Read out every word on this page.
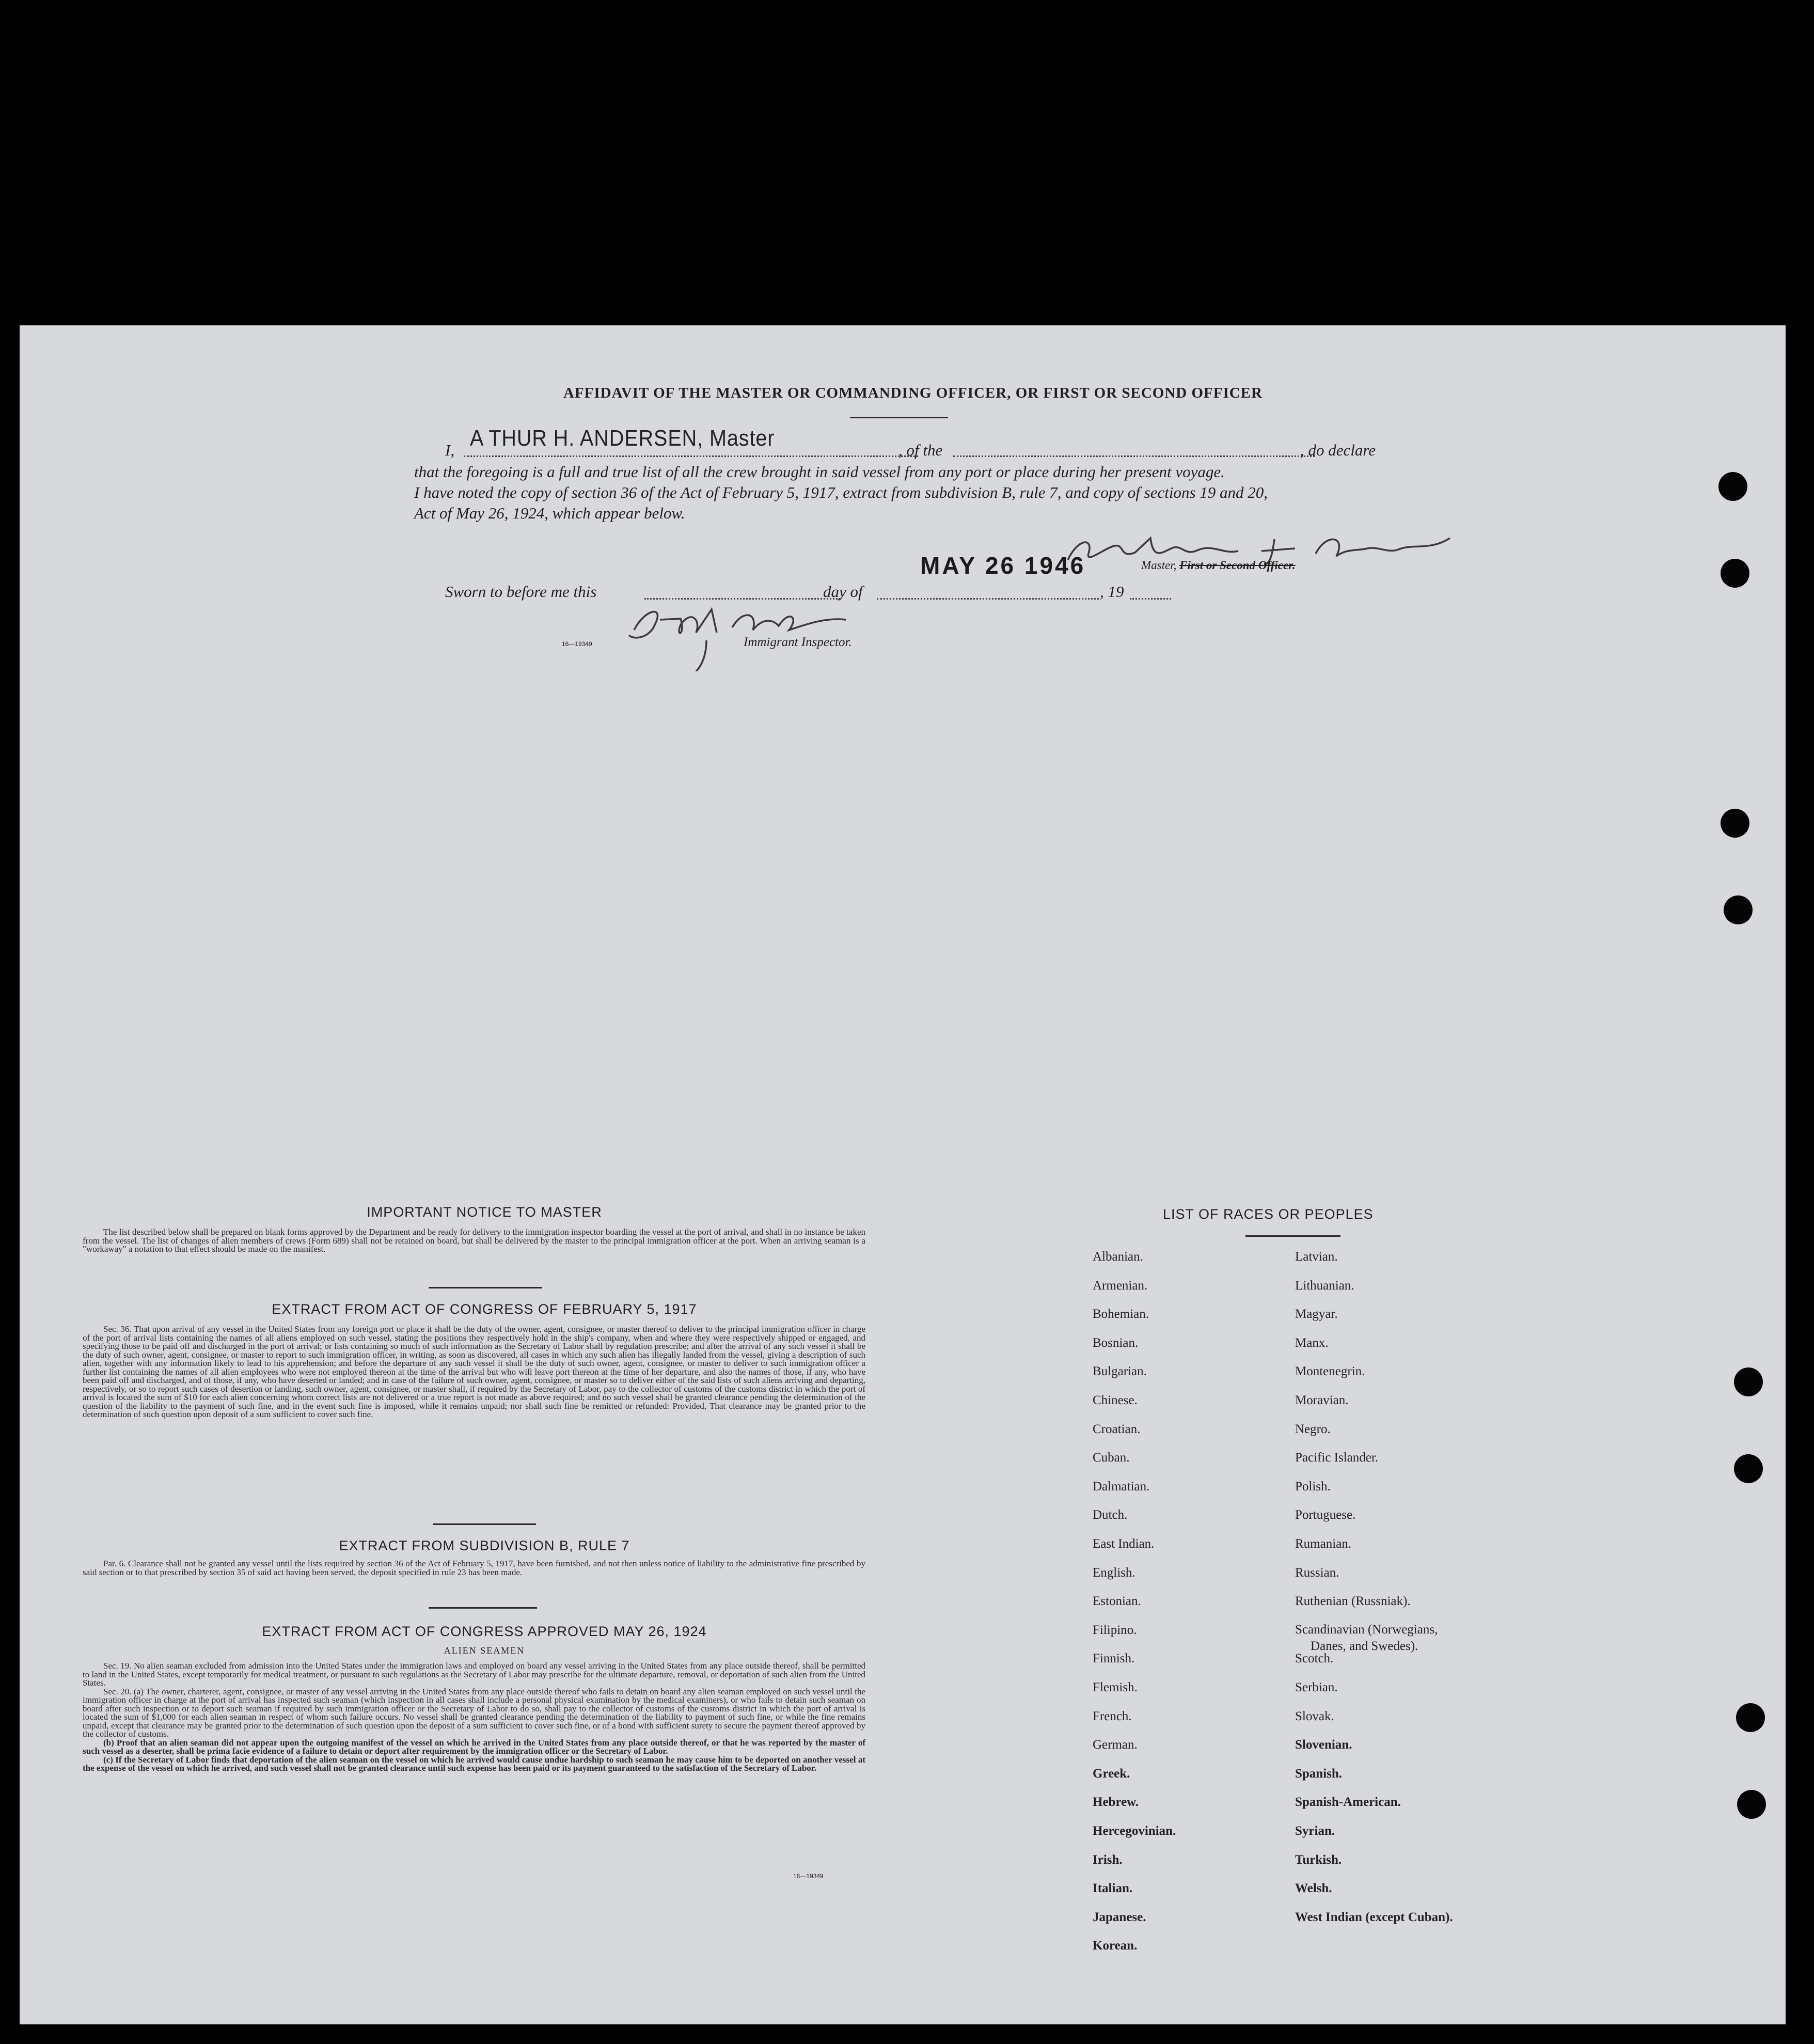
AFFIDAVIT OF THE MASTER OR COMMANDING OFFICER, OR FIRST OR SECOND OFFICER
I, A THUR H. ANDERSEN, Master	, of the	, do declare
that the foregoing is a full and true list of all the crew brought in said vessel from any port or place during her present voyage.
I have noted the copy of section 36 of the Act of February 5, 1917, extract from subdivision B, rule 7, and copy of sections 19 and 20,
Act of May 26, 1924, which appear below.
MAY 26 1946	Master, First or Second Officer.
Sworn to before me this	day of	, 19
16—19349	Immigrant Inspector.
IMPORTANT NOTICE TO MASTER

The list described below shall be prepared on blank forms approved by the Department and be ready for delivery to the immigration inspector boarding the vessel at the port of arrival, and shall in no instance be taken from the vessel. The list of changes of alien members of crews (Form 689) shall not be retained on board, but shall be delivered by the master to the principal immigration officer at the port. When an arriving seaman is a "workaway" a notation to that effect should be made on the manifest.

EXTRACT FROM ACT OF CONGRESS OF FEBRUARY 5, 1917

Sec. 36. That upon arrival of any vessel in the United States from any foreign port or place it shall be the duty of the owner, agent, consignee, or master thereof to deliver to the principal immigration officer in charge of the port of arrival lists containing the names of all aliens employed on such vessel, stating the positions they respectively hold in the ship's company, when and where they were respectively shipped or engaged, and specifying those to be paid off and discharged in the port of arrival; or lists containing so much of such information as the Secretary of Labor shall by regulation prescribe; and after the arrival of any such vessel it shall be the duty of such owner, agent, consignee, or master to report to such immigration officer, in writing, as soon as discovered, all cases in which any such alien has illegally landed from the vessel, giving a description of such alien, together with any information likely to lead to his apprehension; and before the departure of any such vessel it shall be the duty of such owner, agent, consignee, or master to deliver to such immigration officer a further list containing the names of all alien employees who were not employed thereon at the time of the arrival but who will leave port thereon at the time of her departure, and also the names of those, if any, who have been paid off and discharged, and of those, if any, who have deserted or landed; and in case of the failure of such owner, agent, consignee, or master so to deliver either of the said lists of such aliens arriving and departing, respectively, or so to report such cases of desertion or landing, such owner, agent, consignee, or master shall, if required by the Secretary of Labor, pay to the collector of customs of the customs district in which the port of arrival is located the sum of $10 for each alien concerning whom correct lists are not delivered or a true report is not made as above required; and no such vessel shall be granted clearance pending the determination of the question of the liability to the payment of such fine, and in the event such fine is imposed, while it remains unpaid; nor shall such fine be remitted or refunded: Provided, That clearance may be granted prior to the determination of such question upon deposit of a sum sufficient to cover such fine.

EXTRACT FROM SUBDIVISION B, RULE 7

Par. 6. Clearance shall not be granted any vessel until the lists required by section 36 of the Act of February 5, 1917, have been furnished, and not then unless notice of liability to the administrative fine prescribed by said section or to that prescribed by section 35 of said act having been served, the deposit specified in rule 23 has been made.

EXTRACT FROM ACT OF CONGRESS APPROVED MAY 26, 1924
ALIEN SEAMEN

Sec. 19. No alien seaman excluded from admission into the United States under the immigration laws and employed on board any vessel arriving in the United States from any place outside thereof, shall be permitted to land in the United States, except temporarily for medical treatment, or pursuant to such regulations as the Secretary of Labor may prescribe for the ultimate departure, removal, or deportation of such alien from the United States.

Sec. 20. (a) The owner, charterer, agent, consignee, or master of any vessel arriving in the United States from any place outside thereof who fails to detain on board any alien seaman employed on such vessel until the immigration officer in charge at the port of arrival has inspected such seaman (which inspection in all cases shall include a personal physical examination by the medical examiners), or who fails to detain such seaman on board after such inspection or to deport such seaman if required by such immigration officer or the Secretary of Labor to do so, shall pay to the collector of customs of the customs district in which the port of arrival is located the sum of $1,000 for each alien seaman in respect of whom such failure occurs. No vessel shall be granted clearance pending the determination of the liability to payment of such fine, or while the fine remains unpaid, except that clearance may be granted prior to the determination of such question upon the deposit of a sum sufficient to cover such fine, or of a bond with sufficient surety to secure the payment thereof approved by the collector of customs.

(b) Proof that an alien seaman did not appear upon the outgoing manifest of the vessel on which he arrived in the United States from any place outside thereof, or that he was reported by the master of such vessel as a deserter, shall be prima facie evidence of a failure to detain or deport after requirement by the immigration officer or the Secretary of Labor.

(c) If the Secretary of Labor finds that deportation of the alien seaman on the vessel on which he arrived would cause undue hardship to such seaman he may cause him to be deported on another vessel at the expense of the vessel on which he arrived, and such vessel shall not be granted clearance until such expense has been paid or its payment guaranteed to the satisfaction of the Secretary of Labor.

16—19349
LIST OF RACES OR PEOPLES
Albanian.
Armenian.
Bohemian.
Bosnian.
Bulgarian.
Chinese.
Croatian.
Cuban.
Dalmatian.
Dutch.
East Indian.
English.
Estonian.
Filipino.
Finnish.
Flemish.
French.
German.
Greek.
Hebrew.
Hercegovinian.
Irish.
Italian.
Japanese.
Korean.
Latvian.
Lithuanian.
Magyar.
Manx.
Montenegrin.
Moravian.
Negro.
Pacific Islander.
Polish.
Portuguese.
Rumanian.
Russian.
Ruthenian (Russniak).
Scandinavian (Norwegians,
Danes, and Swedes).
Scotch.
Serbian.
Slovak.
Slovenian.
Spanish.
Spanish-American.
Syrian.
Turkish.
Welsh.
West Indian (except Cuban).
